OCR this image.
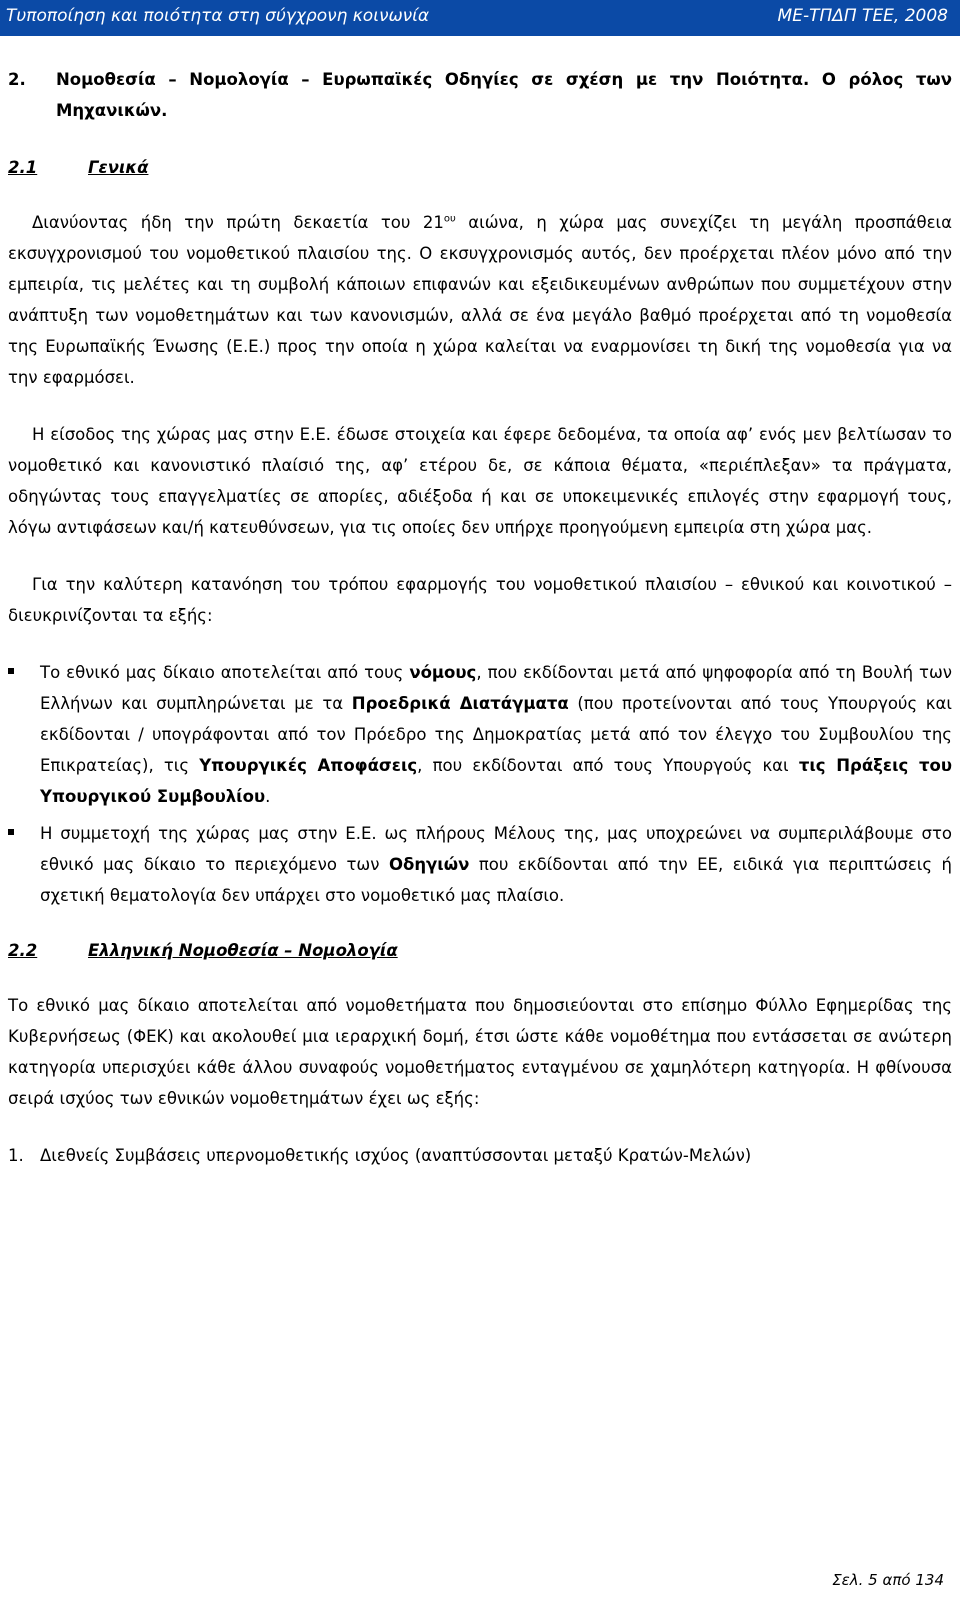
Τυποποίηση και ποιότητα στη σύγχρονη κοινωνία	ΜΕ-ΤΠΔΠ ΤΕΕ, 2008
2.	Νομοθεσία – Νομολογία – Ευρωπαϊκές Οδηγίες σε σχέση με την Ποιότητα. Ο ρόλος των Μηχανικών.
2.1	Γενικά

Διανύοντας ήδη την πρώτη δεκαετία του $21^{o\upsilon}$ αιώνα, η χώρα μας συνεχίζει τη μεγάλη προσπάθεια εκσυγχρονισμού του νομοθετικού πλαισίου της. Ο εκσυγχρονισμός αυτός, δεν προέρχεται πλέον μόνο από την εμπειρία, τις μελέτες και τη συμβολή κάποιων επιφανών και εξειδικευμένων ανθρώπων που συμμετέχουν στην ανάπτυξη των νομοθετημάτων και των κανονισμών, αλλά σε ένα μεγάλο βαθμό προέρχεται από τη νομοθεσία της Ευρωπαϊκής Ένωσης (Ε.Ε.) προς την οποία η χώρα καλείται να εναρμονίσει τη δική της νομοθεσία για να την εφαρμόσει.

Η είσοδος της χώρας μας στην Ε.Ε. έδωσε στοιχεία και έφερε δεδομένα, τα οποία αφ’ ενός μεν βελτίωσαν το νομοθετικό και κανονιστικό πλαίσιό της, αφ’ ετέρου δε, σε κάποια θέματα, «περιέπλεξαν» τα πράγματα, οδηγώντας τους επαγγελματίες σε απορίες, αδιέξοδα ή και σε υποκειμενικές επιλογές στην εφαρμογή τους, λόγω αντιφάσεων και/ή κατευθύνσεων, για τις οποίες δεν υπήρχε προηγούμενη εμπειρία στη χώρα μας.

Για την καλύτερη κατανόηση του τρόπου εφαρμογής του νομοθετικού πλαισίου – εθνικού και κοινοτικού – διευκρινίζονται τα εξής:

Το εθνικό μας δίκαιο αποτελείται από τους νόμους, που εκδίδονται μετά από ψηφοφορία από τη Βουλή των Ελλήνων και συμπληρώνεται με τα Προεδρικά Διατάγματα (που προτείνονται από τους Υπουργούς και εκδίδονται / υπογράφονται από τον Πρόεδρο της Δημοκρατίας μετά από τον έλεγχο του Συμβουλίου της Επικρατείας), τις Υπουργικές Αποφάσεις, που εκδίδονται από τους Υπουργούς και τις Πράξεις του Υπουργικού Συμβουλίου.
Η συμμετοχή της χώρας μας στην Ε.Ε. ως πλήρους Μέλους της, μας υποχρεώνει να συμπεριλάβουμε στο εθνικό μας δίκαιο το περιεχόμενο των Οδηγιών που εκδίδονται από την ΕΕ, ειδικά για περιπτώσεις ή σχετική θεματολογία δεν υπάρχει στο νομοθετικό μας πλαίσιο.
2.2	Ελληνική Νομοθεσία – Νομολογία

Το εθνικό μας δίκαιο αποτελείται από νομοθετήματα που δημοσιεύονται στο επίσημο Φύλλο Εφημερίδας της Κυβερνήσεως (ΦΕΚ) και ακολουθεί μια ιεραρχική δομή, έτσι ώστε κάθε νομοθέτημα που εντάσσεται σε ανώτερη κατηγορία υπερισχύει κάθε άλλου συναφούς νομοθετήματος ενταγμένου σε χαμηλότερη κατηγορία. Η φθίνουσα σειρά ισχύος των εθνικών νομοθετημάτων έχει ως εξής:

1. Διεθνείς Συμβάσεις υπερνομοθετικής ισχύος (αναπτύσσονται μεταξύ Κρατών-Μελών)
Σελ. 5 από 134
